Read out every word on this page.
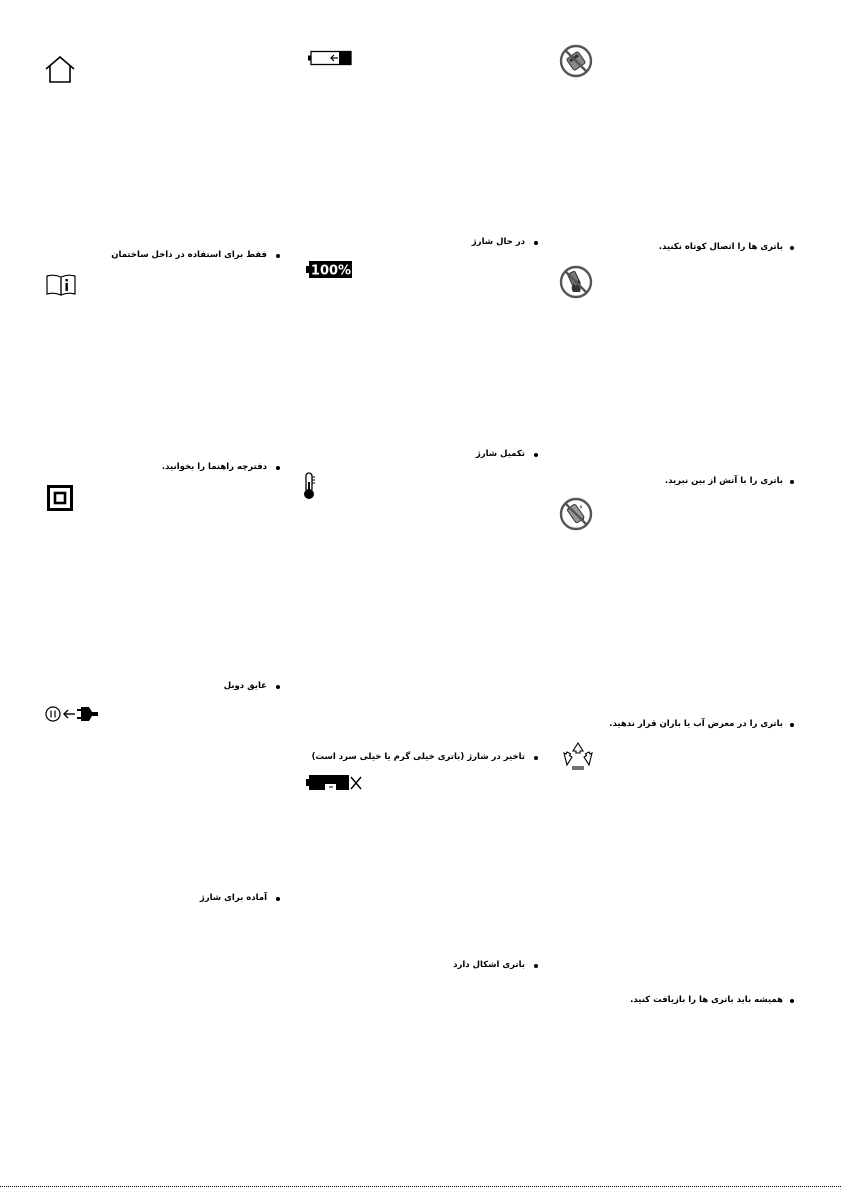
فقط برای استفاده در داخل ساختمان
دفترچه راهنما را بخوانید.
عایق دوبل
آماده برای شارژ
در حال شارژ
100%
تکمیل شارژ
تاخیر در شارژ (باتری خیلی گرم یا خیلی سرد است)
باتری اشکال دارد
باتری ها را اتصال کوتاه نکنید.
باتری را با آتش از بین نبرید.
باتری را در معرض آب یا باران قرار ندهید.
همیشه باید باتری ها را بازیافت کنید.
